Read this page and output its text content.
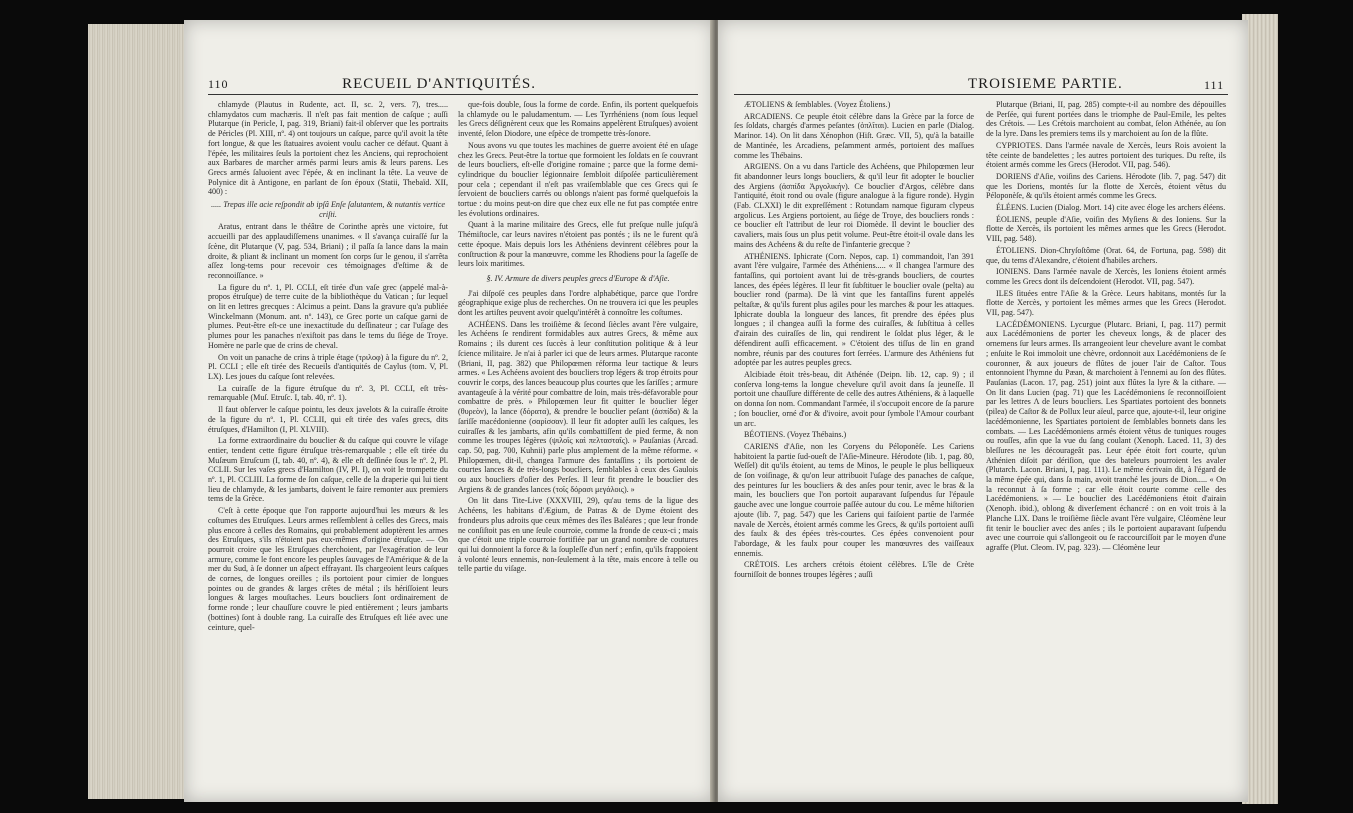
110	RECUEIL D'ANTIQUITÉS.

chlamyde (Plautus in Rudente, act. II, sc. 2, vers. 7), tres..... chlamydatos cum machæris. Il n'eſt pas fait mention de caſque ; auſſi Plutarque (in Pericle, I, pag. 319, Briani) fait-il obſerver que les portraits de Péricles (Pl. XIII, nº. 4) ont toujours un caſque, parce qu'il avoit la tête fort longue, & que les ſtatuaires avoient voulu cacher ce défaut. Quant à l'épée, les militaires ſeuls la portoient chez les Anciens, qui reprochoient aux Barbares de marcher armés parmi leurs amis & leurs parens. Les Grecs armés ſaluoient avec l'épée, & en inclinant la tête. La veuve de Polynice dit à Antigone, en parlant de ſon époux (Statii, Thebaïd. XII, 400) :

..... Trepas ille acie reſpondit ab ipſâ Enſe ſalutantem, & nutantis vertice criſti.

Aratus, entrant dans le théâtre de Corinthe après une victoire, fut accueilli par des applaudiſſemens unanimes. « Il s'avança cuiraſſé ſur la ſcène, dit Plutarque (V, pag. 534, Briani) ; il paſſa ſa lance dans la main droite, & pliant & inclinant un moment ſon corps ſur le genou, il s'arrêta aſſez long-tems pour recevoir ces témoignages d'eſtime & de reconnoiſſance. »

La figure du nº. 1, Pl. CCLI, eſt tirée d'un vaſe grec (appelé mal-à-propos étruſque) de terre cuite de la bibliothèque du Vatican ; ſur lequel on lit en lettres grecques : Alcimus a peint. Dans la gravure qu'a publiée Winckelmann (Monum. ant. nº. 143), ce Grec porte un caſque garni de plumes. Peut-être eſt-ce une inexactitude du deſſinateur ; car l'uſage des plumes pour les panaches n'exiſtoit pas dans le tems du ſiége de Troye. Homère ne parle que de crins de cheval.

On voit un panache de crins à triple étage (τριλοφ) à la figure du nº. 2, Pl. CCLI ; elle eſt tirée des Recueils d'antiquités de Caylus (tom. V, Pl. LX). Les joues du caſque ſont relevées.

La cuiraſſe de la figure étruſque du nº. 3, Pl. CCLI, eſt très-remarquable (Muſ. Etruſc. I, tab. 40, nº. 1).

Il faut obſerver le caſque pointu, les deux javelots & la cuiraſſe étroite de la figure du nº. 1, Pl. CCLII, qui eſt tirée des vaſes grecs, dits étruſques, d'Hamilton (I, Pl. XLVIII).

La forme extraordinaire du bouclier & du caſque qui couvre le viſage entier, tendent cette figure étruſque très-remarquable ; elle eſt tirée du Muſæum Etruſcum (I, tab. 40, nº. 4), & elle eſt deſſinée ſous le nº. 2, Pl. CCLII. Sur les vaſes grecs d'Hamilton (IV, Pl. I), on voit le trompette du nº. 1, Pl. CCLIII. La forme de ſon caſque, celle de la draperie qui lui tient lieu de chlamyde, & les jambarts, doivent le faire remonter aux premiers tems de la Grèce.

C'eſt à cette époque que l'on rapporte aujourd'hui les mœurs & les coſtumes des Etruſques. Leurs armes reſſemblent à celles des Grecs, mais plus encore à celles des Romains, qui probablement adoptèrent les armes des Etruſques, s'ils n'étoient pas eux-mêmes d'origine étruſque. — On pourroit croire que les Etruſques cherchoient, par l'exagération de leur armure, comme le font encore les peuples ſauvages de l'Amérique & de la mer du Sud, à ſe donner un aſpect effrayant. Ils chargeoient leurs caſques de cornes, de longues oreilles ; ils portoient pour cimier de longues pointes ou de grandes & larges crêtes de métal ; ils hériſſoient leurs longues & larges mouſtaches. Leurs boucliers ſont ordinairement de forme ronde ; leur chauſſure couvre le pied entièrement ; leurs jambarts (bottines) ſont à double rang. La cuiraſſe des Etruſques eſt liée avec une ceinture, quel-

que-fois double, ſous la forme de corde. Enfin, ils portent quelquefois la chlamyde ou le paludamentum. — Les Tyrrhéniens (nom ſous lequel les Grecs déſignèrent ceux que les Romains appelèrent Etruſques) avoient inventé, ſelon Diodore, une eſpèce de trompette très-ſonore.

Nous avons vu que toutes les machines de guerre avoient été en uſage chez les Grecs. Peut-être la tortue que formoient les ſoldats en ſe couvrant de leurs boucliers, eſt-elle d'origine romaine ; parce que la forme demi-cylindrique du bouclier légionnaire ſembloit diſpoſée particulièrement pour cela ; cependant il n'eſt pas vraiſemblable que ces Grecs qui ſe ſervoient de boucliers carrés ou oblongs n'aient pas formé quelquefois la tortue : du moins peut-on dire que chez eux elle ne fut pas comptée entre les évolutions ordinaires.

Quant à la marine militaire des Grecs, elle fut preſque nulle juſqu'à Thémiſtocle, car leurs navires n'étoient pas pontés ; ils ne le furent qu'à cette époque. Mais depuis lors les Athéniens devinrent célèbres pour la conſtruction & pour la manœuvre, comme les Rhodiens pour la ſageſſe de leurs loix maritimes.

§. IV. Armure de divers peuples grecs d'Europe & d'Aſie.

J'ai diſpoſé ces peuples dans l'ordre alphabétique, parce que l'ordre géographique exige plus de recherches. On ne trouvera ici que les peuples dont les artiſtes peuvent avoir quelqu'intérêt à connoître les coſtumes.

ACHÉENS. Dans les troiſième & ſecond ſiècles avant l'ère vulgaire, les Achéens ſe rendirent formidables aux autres Grecs, & même aux Romains ; ils durent ces ſuccès à leur conſtitution politique & à leur ſcience militaire. Je n'ai à parler ici que de leurs armes. Plutarque raconte (Briani, II, pag. 382) que Philopœmen réforma leur tactique & leurs armes. « Les Achéens avoient des boucliers trop légers & trop étroits pour couvrir le corps, des lances beaucoup plus courtes que les ſariſſes ; armure avantageuſe à la vérité pour combattre de loin, mais très-défavorable pour combattre de près. » Philopœmen leur fit quitter le bouclier léger (θυρεὸν), la lance (δόρατα), & prendre le bouclier peſant (ἀσπίδα) & la ſariſſe macédonienne (σαρίσσαν). Il leur fit adopter auſſi les caſques, les cuiraſſes & les jambarts, afin qu'ils combattiſſent de pied ferme, & non comme les troupes légères (ψιλοῖς καὶ πελτασταῖς). » Pauſanias (Arcad. cap. 50, pag. 700, Kuhnii) parle plus amplement de la même réforme. « Philopœmen, dit-il, changea l'armure des fantaſſins ; ils portoient de courtes lances & de très-longs boucliers, ſemblables à ceux des Gaulois ou aux boucliers d'oſier des Perſes. Il leur fit prendre le bouclier des Argiens & de grandes lances (τοῖς δόρασι μεγάλοις). »

On lit dans Tite-Live (XXXVIII, 29), qu'au tems de la ligue des Achéens, les habitans d'Ægium, de Patras & de Dyme étoient des frondeurs plus adroits que ceux mêmes des îles Baléares ; que leur fronde ne conſiſtoit pas en une ſeule courroie, comme la fronde de ceux-ci ; mais que c'étoit une triple courroie fortifiée par un grand nombre de coutures qui lui donnoient la force & la ſoupleſſe d'un nerf ; enfin, qu'ils frappoient à volonté leurs ennemis, non-ſeulement à la tête, mais encore à telle ou telle partie du viſage.

TROISIEME PARTIE.	111

ÆTOLIENS & ſemblables. (Voyez Étoliens.)

ARCADIENS. Ce peuple étoit célèbre dans la Grèce par la force de ſes ſoldats, chargés d'armes peſantes (ὁπλῖται). Lucien en parle (Dialog. Marinor. 14). On lit dans Xénophon (Hiſt. Græc. VII, 5), qu'à la bataille de Mantinée, les Arcadiens, peſamment armés, portoient des maſſues comme les Thébains.

ARGIENS. On a vu dans l'article des Achéens, que Philopœmen leur fit abandonner leurs longs boucliers, & qu'il leur fit adopter le bouclier des Argiens (ἀσπίδα Ἀργολικήν). Ce bouclier d'Argos, célèbre dans l'antiquité, étoit rond ou ovale (figure analogue à la figure ronde). Hygin (Fab. CLXXI) le dit expreſſément : Rotundam namque figuram clypeus argolicus. Les Argiens portoient, au ſiége de Troye, des boucliers ronds : ce bouclier eſt l'attribut de leur roi Diomède. Il devint le bouclier des cavaliers, mais ſous un plus petit volume. Peut-être étoit-il ovale dans les mains des Achéens & du reſte de l'infanterie grecque ?

ATHÉNIENS. Iphicrate (Corn. Nepos, cap. 1) commandoit, l'an 391 avant l'ère vulgaire, l'armée des Athéniens..... « Il changea l'armure des fantaſſins, qui portoient avant lui de très-grands boucliers, de courtes lances, des épées légères. Il leur fit ſubſtituer le bouclier ovale (pelta) au bouclier rond (parma). De là vint que les fantaſſins furent appelés peltaſtæ, & qu'ils furent plus agiles pour les marches & pour les attaques. Iphicrate doubla la longueur des lances, fit prendre des épées plus longues ; il changea auſſi la forme des cuiraſſes, & ſubſtitua à celles d'airain des cuiraſſes de lin, qui rendirent le ſoldat plus léger, & le défendirent auſſi efficacement. » C'étoient des tiſſus de lin en grand nombre, réunis par des coutures fort ſerrées. L'armure des Athéniens fut adoptée par les autres peuples grecs.

Alcibiade étoit très-beau, dit Athénée (Deipn. lib. 12, cap. 9) ; il conſerva long-tems la longue chevelure qu'il avoit dans ſa jeuneſſe. Il portoit une chauſſure différente de celle des autres Athéniens, & à laquelle on donna ſon nom. Commandant l'armée, il s'occupoit encore de ſa parure ; ſon bouclier, orné d'or & d'ivoire, avoit pour ſymbole l'Amour courbant un arc.

BÉOTIENS. (Voyez Thébains.)

CARIENS d'Aſie, non les Coryens du Péloponèſe. Les Cariens habitoient la partie ſud-oueſt de l'Aſie-Mineure. Hérodote (lib. 1, pag. 80, Weſſel) dit qu'ils étoient, au tems de Minos, le peuple le plus belliqueux de ſon voiſinage, & qu'on leur attribuoit l'uſage des panaches de caſque, des peintures ſur les boucliers & des anſes pour tenir, avec le bras & la main, les boucliers que l'on portoit auparavant ſuſpendus ſur l'épaule gauche avec une longue courroie paſſée autour du cou. Le même hiſtorien ajoute (lib. 7, pag. 547) que les Cariens qui faiſoient partie de l'armée navale de Xercès, étoient armés comme les Grecs, & qu'ils portoient auſſi des faulx & des épées très-courtes. Ces épées convenoient pour l'abordage, & les faulx pour couper les manœuvres des vaiſſeaux ennemis.

CRÉTOIS. Les archers crétois étoient célèbres. L'île de Crète fourniſſoit de bonnes troupes légères ; auſſi

Plutarque (Briani, II, pag. 285) compte-t-il au nombre des dépouilles de Perſée, qui furent portées dans le triomphe de Paul-Emile, les peltes des Crétois. — Les Crétois marchoient au combat, ſelon Athénée, au ſon de la lyre. Dans les premiers tems ils y marchoient au ſon de la flûte.

CYPRIOTES. Dans l'armée navale de Xercès, leurs Rois avoient la tête ceinte de bandelettes ; les autres portoient des turiques. Du reſte, ils étoient armés comme les Grecs (Herodot. VII, pag. 546).

DORIENS d'Aſie, voiſins des Cariens. Hérodote (lib. 7, pag. 547) dit que les Doriens, montés ſur la flotte de Xercès, étoient vêtus du Péloponèſe, & qu'ils étoient armés comme les Grecs.

ÉLÉENS. Lucien (Dialog. Mort. 14) cite avec éloge les archers éléens.

ÉOLIENS, peuple d'Aſie, voiſin des Myſiens & des Ioniens. Sur la flotte de Xercès, ils portoient les mêmes armes que les Grecs (Herodot. VIII, pag. 548).

ÉTOLIENS. Dion-Chryſoſtôme (Orat. 64, de Fortuna, pag. 598) dit que, du tems d'Alexandre, c'étoient d'habiles archers.

IONIENS. Dans l'armée navale de Xercès, les Ioniens étoient armés comme les Grecs dont ils deſcendoient (Herodot. VII, pag. 547).

ILES ſituées entre l'Aſie & la Grèce. Leurs habitans, montés ſur la flotte de Xercès, y portoient les mêmes armes que les Grecs (Herodot. VII, pag. 547).

LACÉDÉMONIENS. Lycurgue (Plutarc. Briani, I, pag. 117) permit aux Lacédémoniens de porter les cheveux longs, & de placer des ornemens ſur leurs armes. Ils arrangeoient leur chevelure avant le combat ; enſuite le Roi immoloit une chèvre, ordonnoit aux Lacédémoniens de ſe couronner, & aux joueurs de flûtes de jouer l'air de Caſtor. Tous entonnoient l'hymne du Pæan, & marchoient à l'ennemi au ſon des flûtes. Pauſanias (Lacon. 17, pag. 251) joint aux flûtes la lyre & la cithare. — On lit dans Lucien (pag. 71) que les Lacédémoniens ſe reconnoiſſoient par les lettres Λ de leurs boucliers. Les Spartiates portoient des bonnets (pilea) de Caſtor & de Pollux leur aïeul, parce que, ajoute-t-il, leur origine lacédémonienne, les Spartiates portoient de ſemblables bonnets dans les combats. — Les Lacédémoniens armés étoient vêtus de tuniques rouges ou rouſſes, afin que la vue du ſang coulant (Xenoph. Laced. 11, 3) des bleſſures ne les décourageât pas. Leur épée étoit fort courte, qu'un Athénien diſoit par dériſion, que des bateleurs pourroient les avaler (Plutarch. Lacon. Briani, I, pag. 111). Le même écrivain dit, à l'égard de la même épée qui, dans ſa main, avoit tranché les jours de Dion..... « On la reconnut à ſa forme ; car elle étoit courte comme celle des Lacédémoniens. » — Le bouclier des Lacédémoniens étoit d'airain (Xenoph. ibid.), oblong & diverſement échancré : on en voit trois à la Planche LIX. Dans le troiſième ſiècle avant l'ère vulgaire, Cléomène leur fit tenir le bouclier avec des anſes ; ils le portoient auparavant ſuſpendu avec une courroie qui s'allongeoit ou ſe raccourciſſoit par le moyen d'une agraffe (Plut. Cleom. IV, pag. 323). — Cléomène leur
